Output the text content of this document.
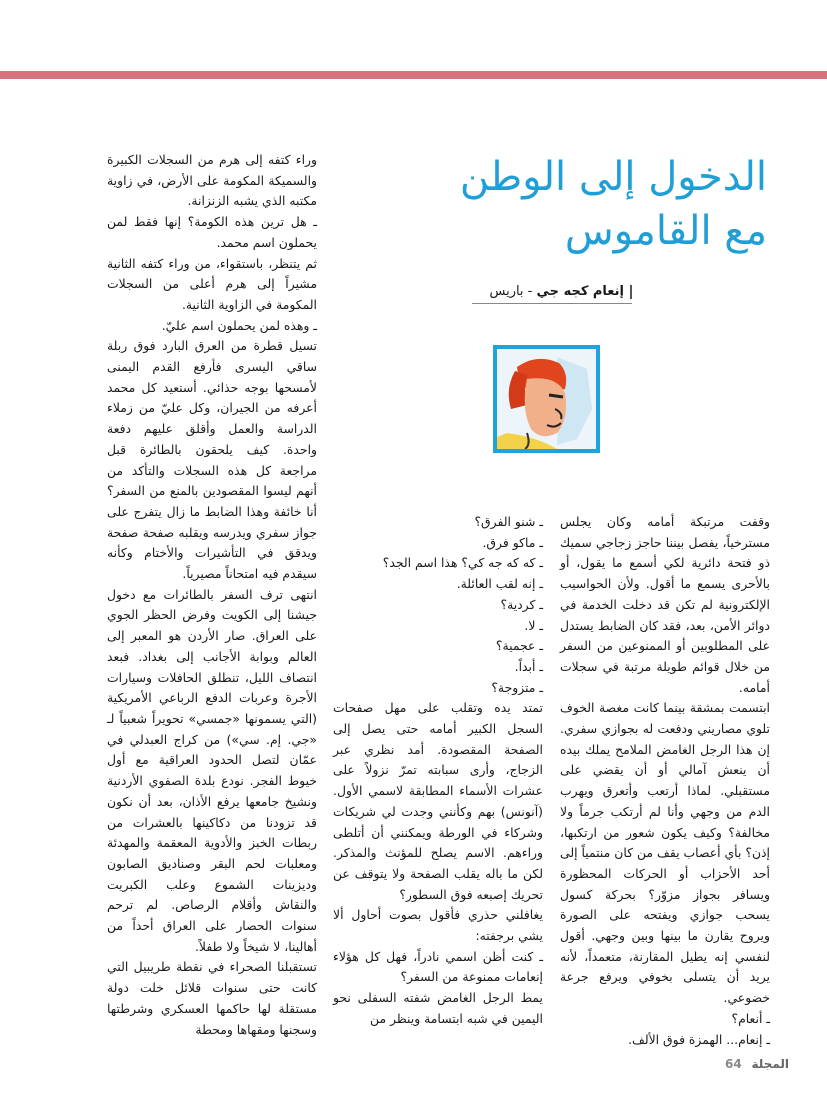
الدخول إلى الوطن
مع القاموس
إنعام كجه جي - باريس

وقفت مرتبكة أمامه وكان يجلس مسترخياً، يفصل بيننا حاجز زجاجي سميك ذو فتحة دائرية لكي أسمع ما يقول، أو بالأحرى يسمع ما أقول. ولأن الحواسيب الإلكترونية لم تكن قد دخلت الخدمة في دوائر الأمن، بعد، فقد كان الضابط يستدل على المطلوبين أو الممنوعين من السفر من خلال قوائم طويلة مرتبة في سجلات أمامه.

ابتسمت بمشقة بينما كانت مغصة الخوف تلوي مصاريني ودفعت له بجوازي سفري. إن هذا الرجل الغامض الملامح يملك بيده أن ينعش آمالي أو أن يقضي على مستقبلي. لماذا أرتعب وأتعرق ويهرب الدم من وجهي وأنا لم أرتكب جرماً ولا مخالفة؟ وكيف يكون شعور من ارتكبها، إذن؟ بأي أعصاب يقف من كان منتمياً إلى أحد الأحزاب أو الحركات المحظورة ويسافر بجواز مزوّر؟ بحركة كسول يسحب جوازي ويفتحه على الصورة ويروح يقارن ما بينها وبين وجهي. أقول لنفسي إنه يطيل المقارنة، متعمداً، لأنه يريد أن يتسلى بخوفي ويرفع جرعة خضوعي.

ـ أنعام؟

ـ إنعام... الهمزة فوق الألف.

ـ شنو الفرق؟

ـ ماكو فرق.

ـ كه كه جه كي؟ هذا اسم الجد؟

ـ إنه لقب العائلة.

ـ كردية؟

ـ لا.

ـ عجمية؟

ـ أبداً.

ـ متزوجة؟

تمتد يده وتقلب على مهل صفحات السجل الكبير أمامه حتى يصل إلى الصفحة المقصودة. أمد نظري عبر الزجاج، وأرى سبابته تمرّ نزولاً على عشرات الأسماء المطابقة لاسمي الأول. (آنونس) بهم وكأنني وجدت لي شريكات وشركاء في الورطة ويمكنني أن أتلطى وراءهم. الاسم يصلح للمؤنث والمذكر. لكن ما باله يقلب الصفحة ولا يتوقف عن تحريك إصبعه فوق السطور؟

يغافلني حذري فأقول بصوت أحاول ألا يشي برجفته:

ـ كنت أظن اسمي نادراً، فهل كل هؤلاء إنعامات ممنوعة من السفر؟

يمط الرجل الغامض شفته السفلى نحو اليمين في شبه ابتسامة وينظر من

وراء كتفه إلى هرم من السجلات الكبيرة والسميكة المكومة على الأرض، في زاوية مكتبه الذي يشبه الزنزانة.

ـ هل ترين هذه الكومة؟ إنها فقط لمن يحملون اسم محمد.

ثم يتنظر، باستقواء، من وراء كتفه الثانية مشيراً إلى هرم أعلى من السجلات المكومة في الزاوية الثانية.

ـ وهذه لمن يحملون اسم عليّ.

تسيل قطرة من العرق البارد فوق ربلة ساقي اليسرى فأرفع القدم اليمنى لأمسحها بوجه حذائي. أستعيد كل محمد أعرفه من الجيران، وكل عليّ من زملاء الدراسة والعمل وأقلق عليهم دفعة واحدة. كيف يلحقون بالطائرة قبل مراجعة كل هذه السجلات والتأكد من أنهم ليسوا المقصودين بالمنع من السفر؟ أنا خائفة وهذا الضابط ما زال يتفرج على جواز سفري ويدرسه ويقلبه صفحة صفحة ويدقق في التأشيرات والأختام وكأنه سيقدم فيه امتحاناً مصيرياً.

انتهى ترف السفر بالطائرات مع دخول جيشنا إلى الكويت وفرض الحظر الجوي على العراق. صار الأردن هو المعبر إلى العالم وبوابة الأجانب إلى بغداد. فبعد انتصاف الليل، تنطلق الحافلات وسيارات الأجرة وعربات الدفع الرباعي الأمريكية (التي يسمونها «جمسي» تحويراً شعبياً لـ «جي. إم. سي») من كراج العبدلي في عمّان لتصل الحدود العراقية مع أول خيوط الفجر. نودع بلدة الصفوي الأردنية ونشيخ جامعها يرفع الأذان، بعد أن نكون قد تزودنا من دكاكينها بالعشرات من ربطات الخبز والأدوية المعقمة والمهدئة ومعلبات لحم البقر وصناديق الصابون وديزينات الشموع وعلب الكبريت والنقاش وأقلام الرصاص. لم ترحم سنوات الحصار على العراق أحداً من أهالينا، لا شيخاً ولا طفلاً.

تستقبلنا الصحراء في نقطة طريبيل التي كانت حتى سنوات قلائل خلت دولة مستقلة لها حاكمها العسكري وشرطتها وسجنها ومقهاها ومحطة

المجلة 64
